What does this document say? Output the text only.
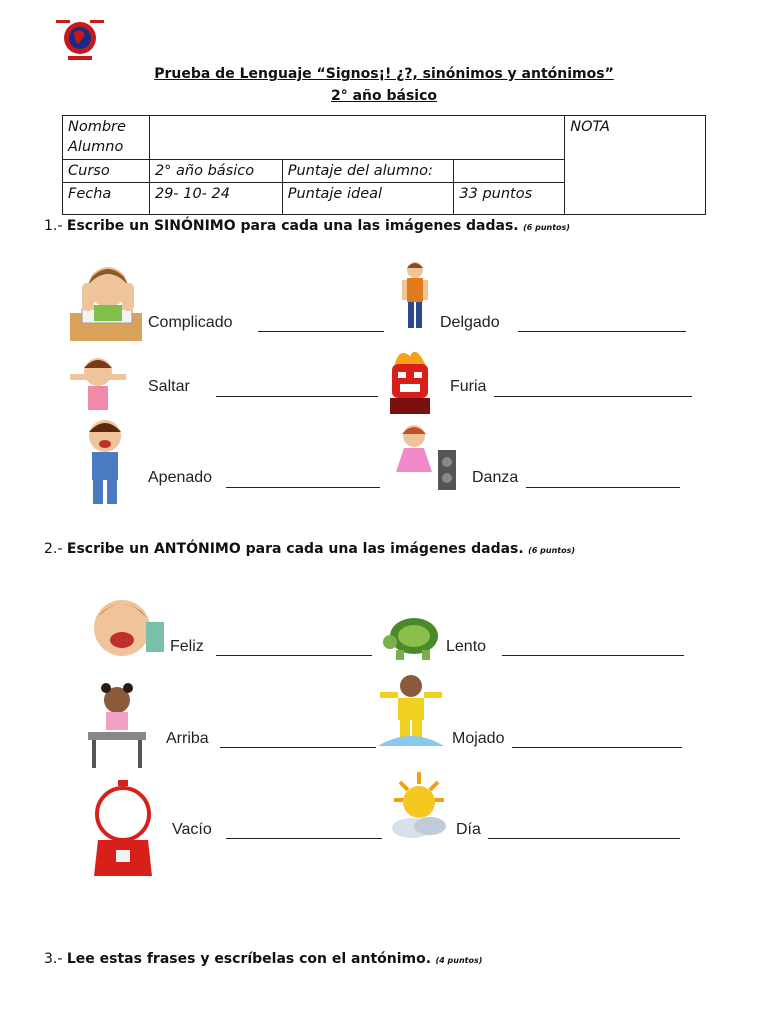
Prueba de Lenguaje “Signos¡! ¿?, sinónimos y antónimos”
2° año básico
Nombre Alumno				NOTA
Curso	2° año básico	Puntaje del alumno:		
Fecha	29- 10- 24	Puntaje ideal	33 puntos	
1.- Escribe un SINÓNIMO para cada una las imágenes dadas. (6 puntos)
Complicado	Delgado
Saltar	Furia
Apenado	Danza
2.- Escribe un ANTÓNIMO para cada una las imágenes dadas. (6 puntos)
Feliz	Lento
Arriba	Mojado
Vacío	Día
3.- Lee estas frases y escríbelas con el antónimo. (4 puntos)
